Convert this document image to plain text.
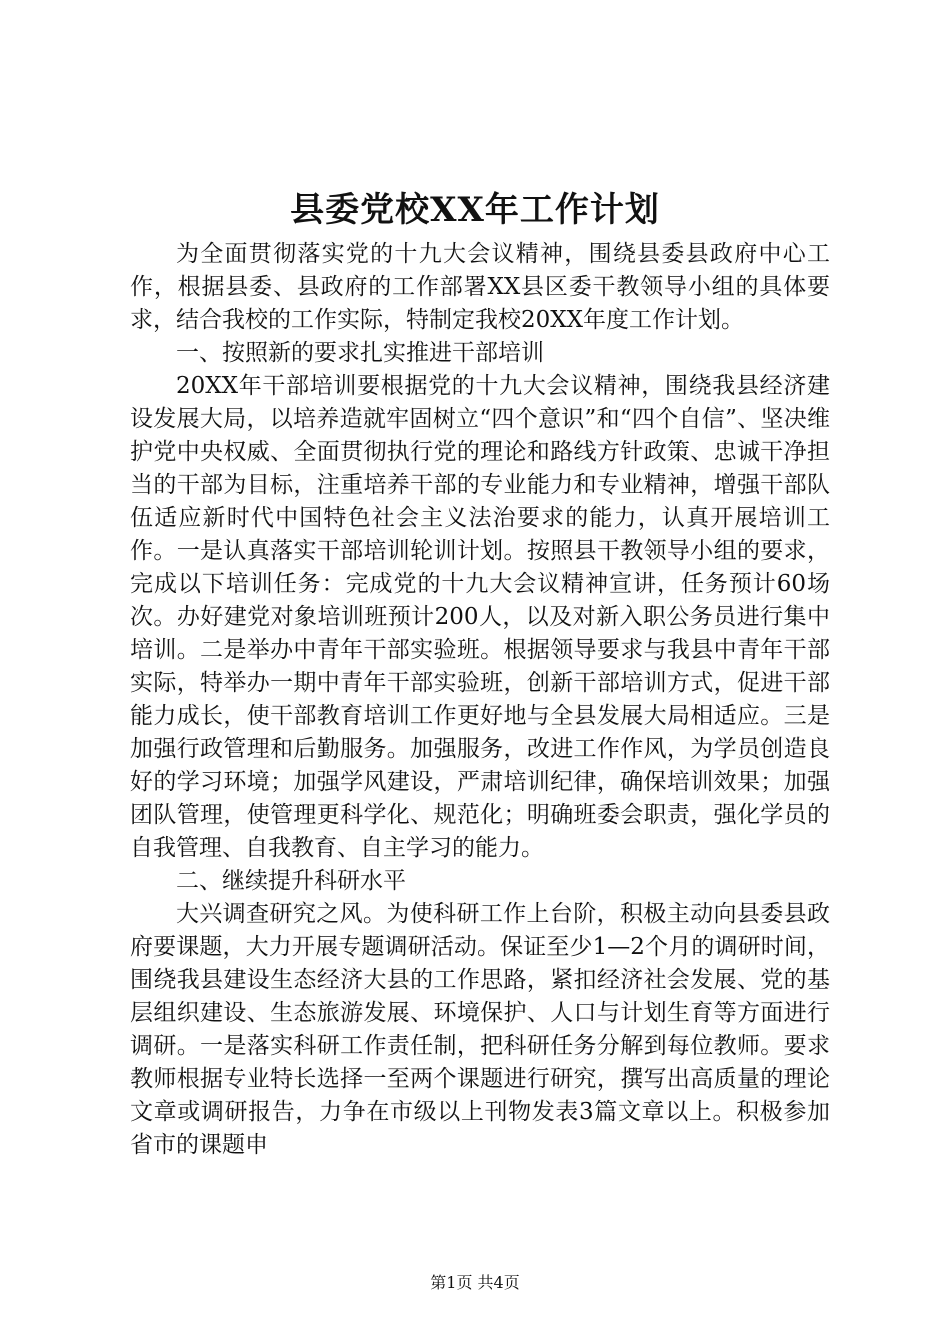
县委党校XX年工作计划

为全面贯彻落实党的十九大会议精神，围绕县委县政府中心工作，根据县委、县政府的工作部署XX县区委干教领导小组的具体要求，结合我校的工作实际，特制定我校20XX年度工作计划。

一、按照新的要求扎实推进干部培训

20XX年干部培训要根据党的十九大会议精神，围绕我县经济建设发展大局，以培养造就牢固树立“四个意识”和“四个自信”、坚决维护党中央权威、全面贯彻执行党的理论和路线方针政策、忠诚干净担当的干部为目标，注重培养干部的专业能力和专业精神，增强干部队伍适应新时代中国特色社会主义法治要求的能力，认真开展培训工作。一是认真落实干部培训轮训计划。按照县干教领导小组的要求，完成以下培训任务：完成党的十九大会议精神宣讲，任务预计60场次。办好建党对象培训班预计200人，以及对新入职公务员进行集中培训。二是举办中青年干部实验班。根据领导要求与我县中青年干部实际，特举办一期中青年干部实验班，创新干部培训方式，促进干部能力成长，使干部教育培训工作更好地与全县发展大局相适应。三是加强行政管理和后勤服务。加强服务，改进工作作风，为学员创造良好的学习环境；加强学风建设，严肃培训纪律，确保培训效果；加强团队管理，使管理更科学化、规范化；明确班委会职责，强化学员的自我管理、自我教育、自主学习的能力。

二、继续提升科研水平

大兴调查研究之风。为使科研工作上台阶，积极主动向县委县政府要课题，大力开展专题调研活动。保证至少1—2个月的调研时间，围绕我县建设生态经济大县的工作思路，紧扣经济社会发展、党的基层组织建设、生态旅游发展、环境保护、人口与计划生育等方面进行调研。一是落实科研工作责任制，把科研任务分解到每位教师。要求教师根据专业特长选择一至两个课题进行研究，撰写出高质量的理论文章或调研报告，力争在市级以上刊物发表3篇文章以上。积极参加省市的课题申

第1页 共4页
